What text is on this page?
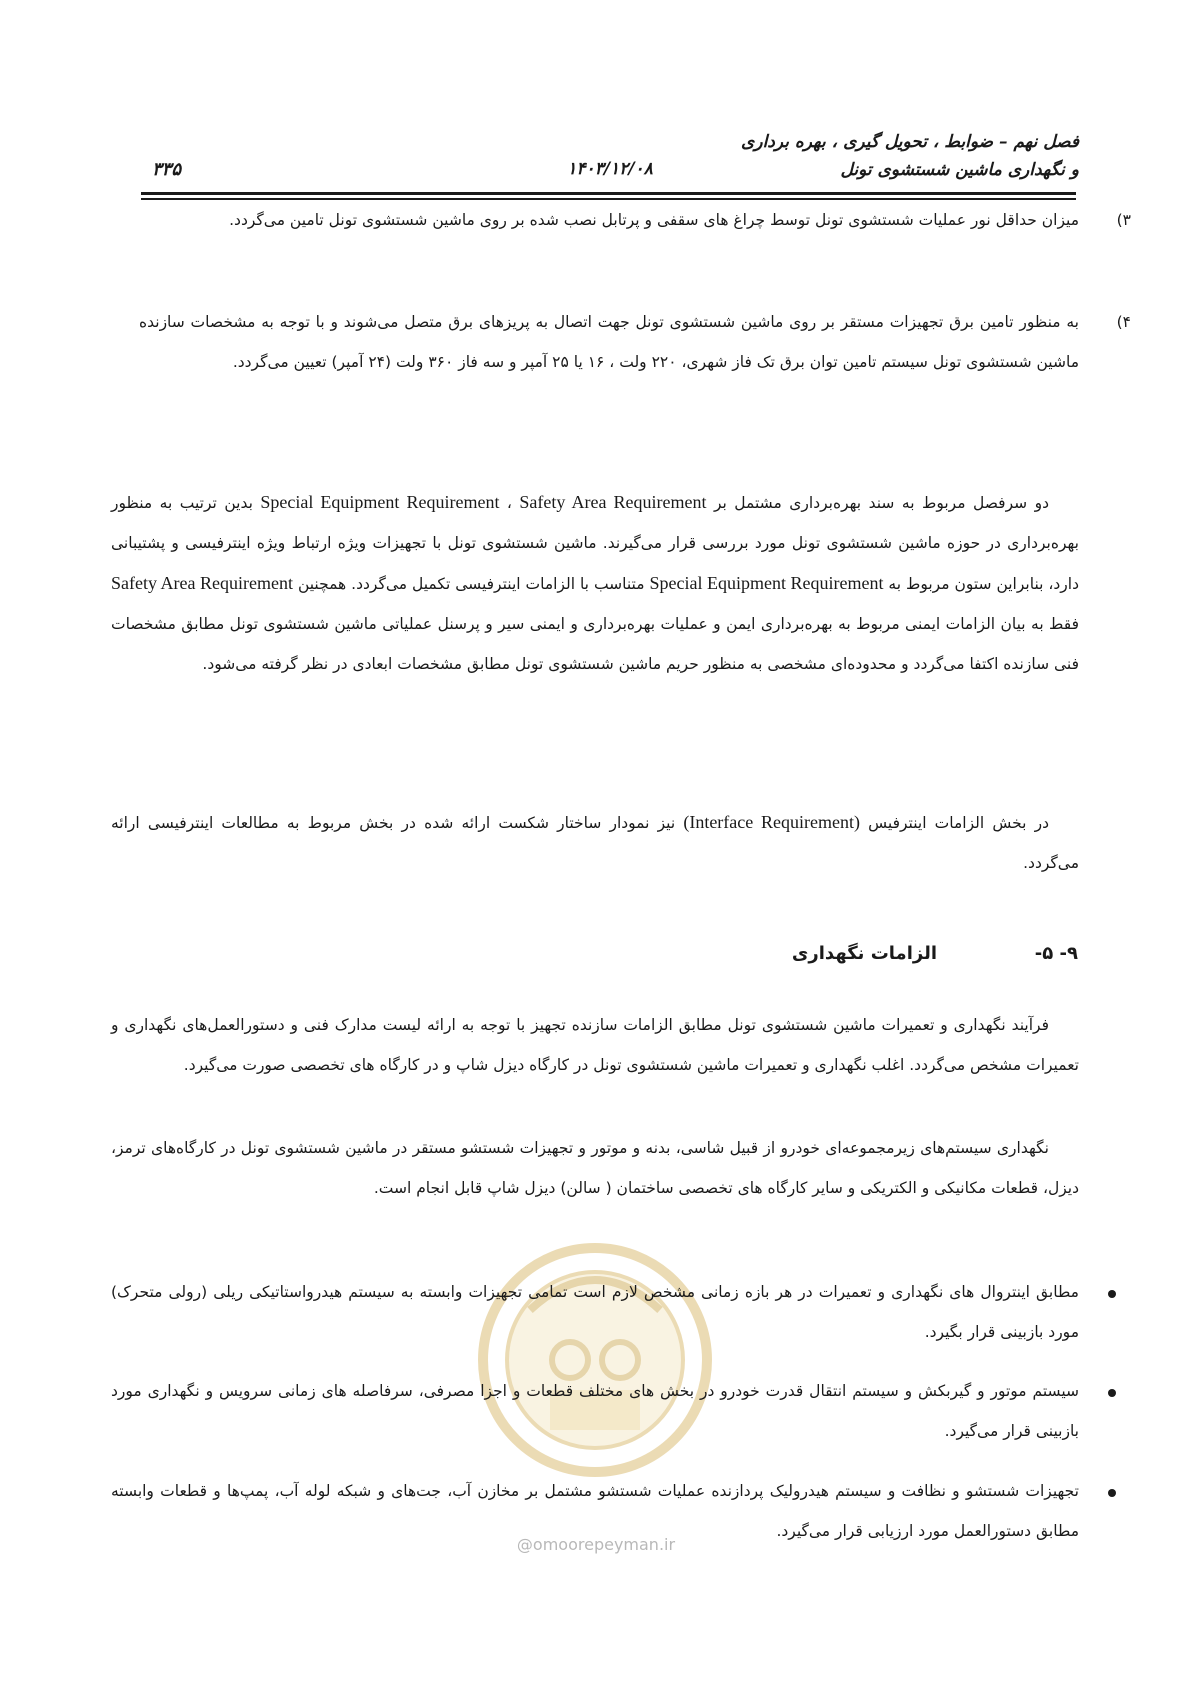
فصل نهم – ضوابط ، تحویل گیری ، بهره برداری
و نگهداری ماشین شستشوی تونل
۱۴۰۳/۱۲/۰۸
۳۳۵
۳)
میزان حداقل نور عملیات شستشوی تونل توسط چراغ های سقفی و پرتابل نصب شده بر روی ماشین شستشوی تونل تامین می‌گردد.
۴)
به منظور تامین برق تجهیزات مستقر بر روی ماشین شستشوی تونل جهت اتصال به پریزهای برق متصل می‌شوند و با توجه به مشخصات سازنده ماشین شستشوی تونل سیستم تامین توان برق تک فاز شهری، ۲۲۰ ولت ، ۱۶ یا ۲۵ آمپر و سه فاز ۳۶۰ ولت (۲۴ آمپر) تعیین می‌گردد.
دو سرفصل مربوط به سند بهره‌برداری مشتمل بر Safety Area Requirement ، Special Equipment Requirement بدین ترتیب به منظور بهره‌برداری در حوزه ماشین شستشوی تونل مورد بررسی قرار می‌گیرند. ماشین شستشوی تونل با تجهیزات ویژه ارتباط ویژه اینترفیسی و پشتیبانی دارد، بنابراین ستون مربوط به Special Equipment Requirement متناسب با الزامات اینترفیسی تکمیل می‌گردد. همچنین Safety Area Requirement فقط به بیان الزامات ایمنی مربوط به بهره‌برداری ایمن و عملیات بهره‌برداری و ایمنی سیر و پرسنل عملیاتی ماشین شستشوی تونل مطابق مشخصات فنی سازنده اکتفا می‌گردد و محدوده‌ای مشخصی به منظور حریم ماشین شستشوی تونل مطابق مشخصات ابعادی در نظر گرفته می‌شود.
در بخش الزامات اینترفیس (Interface Requirement) نیز نمودار ساختار شکست ارائه شده در بخش مربوط به مطالعات اینترفیسی ارائه می‌گردد.
۹- ۵-
الزامات نگهداری
فرآیند نگهداری و تعمیرات ماشین شستشوی تونل مطابق الزامات سازنده تجهیز با توجه به ارائه لیست مدارک فنی و دستورالعمل‌های نگهداری و تعمیرات مشخص می‌گردد. اغلب نگهداری و تعمیرات ماشین شستشوی تونل در کارگاه دیزل شاپ و در کارگاه های تخصصی صورت می‌گیرد.
نگهداری سیستم‌های زیرمجموعه‌ای خودرو از قبیل شاسی، بدنه و موتور و تجهیزات شستشو مستقر در ماشین شستشوی تونل در کارگاه‌های ترمز، دیزل، قطعات مکانیکی و الکتریکی و سایر کارگاه های تخصصی ساختمان ( سالن) دیزل شاپ قابل انجام است.
@omoorepeyman.ir
مطابق اینتروال های نگهداری و تعمیرات در هر بازه زمانی مشخص لازم است تمامی تجهیزات وابسته به سیستم هیدرواستاتیکی ریلی (رولی متحرک) مورد بازبینی قرار بگیرد.
سیستم موتور و گیربکش و سیستم انتقال قدرت خودرو در بخش های مختلف قطعات و اجزا مصرفی، سرفاصله های زمانی سرویس و نگهداری مورد بازبینی قرار می‌گیرد.
تجهیزات شستشو و نظافت و سیستم هیدرولیک پردازنده عملیات شستشو مشتمل بر مخازن آب، جت‌های و شبکه لوله آب، پمپ‌ها و قطعات وابسته مطابق دستورالعمل مورد ارزیابی قرار می‌گیرد.
